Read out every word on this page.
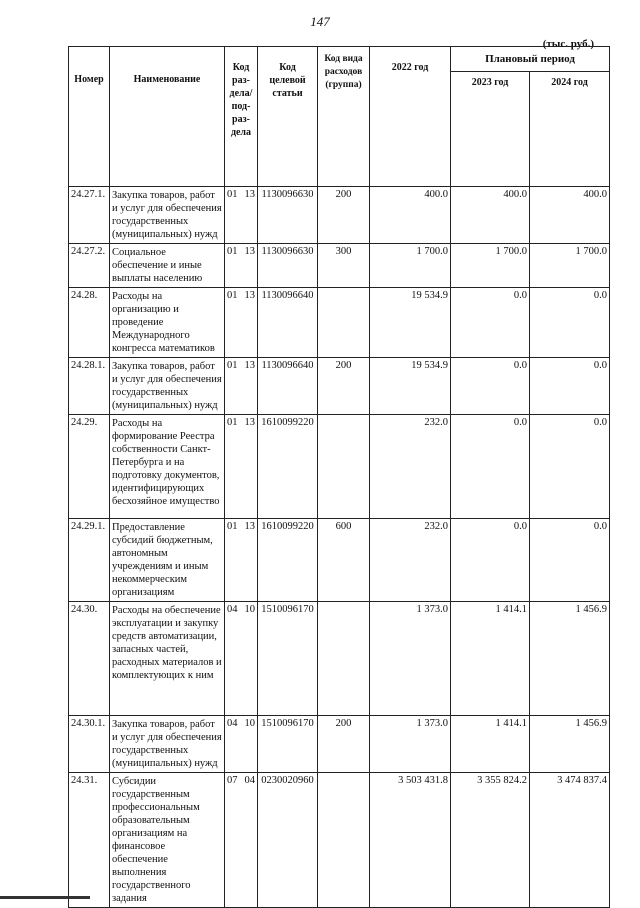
147
(тыс. руб.)
Номер	Наименование	Код раз-дела/ под-раз-дела	Код целевой статьи	Код вида расходов (группа)	2022 год	Плановый период	
						2023 год	2024 год
24.27.1.	Закупка товаров, работ и услуг для обеспечения государственных (муниципальных) нужд	01 13	1130096630	200	400.0	400.0	400.0
24.27.2.	Социальное обеспечение и иные выплаты населению	01 13	1130096630	300	1 700.0	1 700.0	1 700.0
24.28.	Расходы на организацию и проведение Международного конгресса математиков	01 13	1130096640		19 534.9	0.0	0.0
24.28.1.	Закупка товаров, работ и услуг для обеспечения государственных (муниципальных) нужд	01 13	1130096640	200	19 534.9	0.0	0.0
24.29.	Расходы на формирование Реестра собственности Санкт-Петербурга и на подготовку документов, идентифицирующих бесхозяйное имущество	01 13	1610099220		232.0	0.0	0.0
24.29.1.	Предоставление субсидий бюджетным, автономным учреждениям и иным некоммерческим организациям	01 13	1610099220	600	232.0	0.0	0.0
24.30.	Расходы на обеспечение эксплуатации и закупку средств автоматизации, запасных частей, расходных материалов и комплектующих к ним	04 10	1510096170		1 373.0	1 414.1	1 456.9
24.30.1.	Закупка товаров, работ и услуг для обеспечения государственных (муниципальных) нужд	04 10	1510096170	200	1 373.0	1 414.1	1 456.9
24.31.	Субсидии государственным профессиональным образовательным организациям на финансовое обеспечение выполнения государственного задания	07 04	0230020960		3 503 431.8	3 355 824.2	3 474 837.4
